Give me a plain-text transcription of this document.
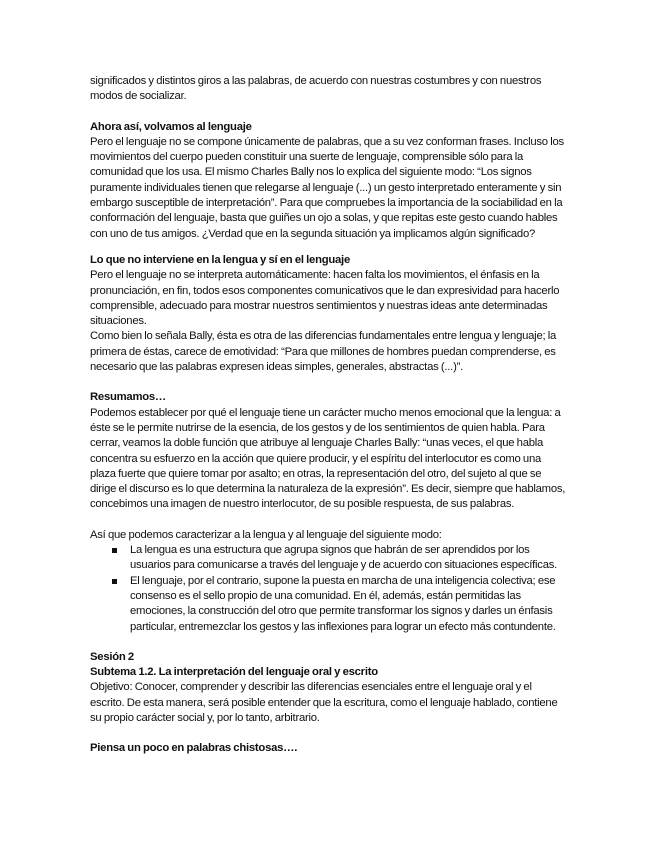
significados y distintos giros a las palabras, de acuerdo con nuestras costumbres y con nuestros modos de socializar.

Ahora así, volvamos al lenguaje

Pero el lenguaje no se compone únicamente de palabras, que a su vez conforman frases. Incluso los movimientos del cuerpo pueden constituir una suerte de lenguaje, comprensible sólo para la comunidad que los usa. El mismo Charles Bally nos lo explica del siguiente modo: “Los signos puramente individuales tienen que relegarse al lenguaje (...) un gesto interpretado enteramente y sin embargo susceptible de interpretación”. Para que compruebes la importancia de la sociabilidad en la conformación del lenguaje, basta que guiñes un ojo a solas, y que repitas este gesto cuando hables con uno de tus amigos. ¿Verdad que en la segunda situación ya implicamos algún significado?

Lo que no interviene en la lengua y sí en el lenguaje

Pero el lenguaje no se interpreta automáticamente: hacen falta los movimientos, el énfasis en la pronunciación, en fin, todos esos componentes comunicativos que le dan expresividad para hacerlo comprensible, adecuado para mostrar nuestros sentimientos y nuestras ideas ante determinadas situaciones.

Como bien lo señala Bally, ésta es otra de las diferencias fundamentales entre lengua y lenguaje; la primera de éstas, carece de emotividad: “Para que millones de hombres puedan comprenderse, es necesario que las palabras expresen ideas simples, generales, abstractas (...)”.

Resumamos…

Podemos establecer por qué el lenguaje tiene un carácter mucho menos emocional que la lengua: a éste se le permite nutrirse de la esencia, de los gestos y de los sentimientos de quien habla. Para cerrar, veamos la doble función que atribuye al lenguaje Charles Bally: “unas veces, el que habla concentra su esfuerzo en la acción que quiere producir, y el espíritu del interlocutor es como una plaza fuerte que quiere tomar por asalto; en otras, la representación del otro, del sujeto al que se dirige el discurso es lo que determina la naturaleza de la expresión”. Es decir, siempre que hablamos, concebimos una imagen de nuestro interlocutor, de su posible respuesta, de sus palabras.

Así que podemos caracterizar a la lengua y al lenguaje del siguiente modo:

La lengua es una estructura que agrupa signos que habrán de ser aprendidos por los usuarios para comunicarse a través del lenguaje y de acuerdo con situaciones específicas.
El lenguaje, por el contrario, supone la puesta en marcha de una inteligencia colectiva; ese consenso es el sello propio de una comunidad. En él, además, están permitidas las emociones, la construcción del otro que permite transformar los signos y darles un énfasis particular, entremezclar los gestos y las inflexiones para lograr un efecto más contundente.

Sesión 2

Subtema 1.2. La interpretación del lenguaje oral y escrito

Objetivo: Conocer, comprender y describir las diferencias esenciales entre el lenguaje oral y el escrito. De esta manera, será posible entender que la escritura, como el lenguaje hablado, contiene su propio carácter social y, por lo tanto, arbitrario.

Piensa un poco en palabras chistosas….
